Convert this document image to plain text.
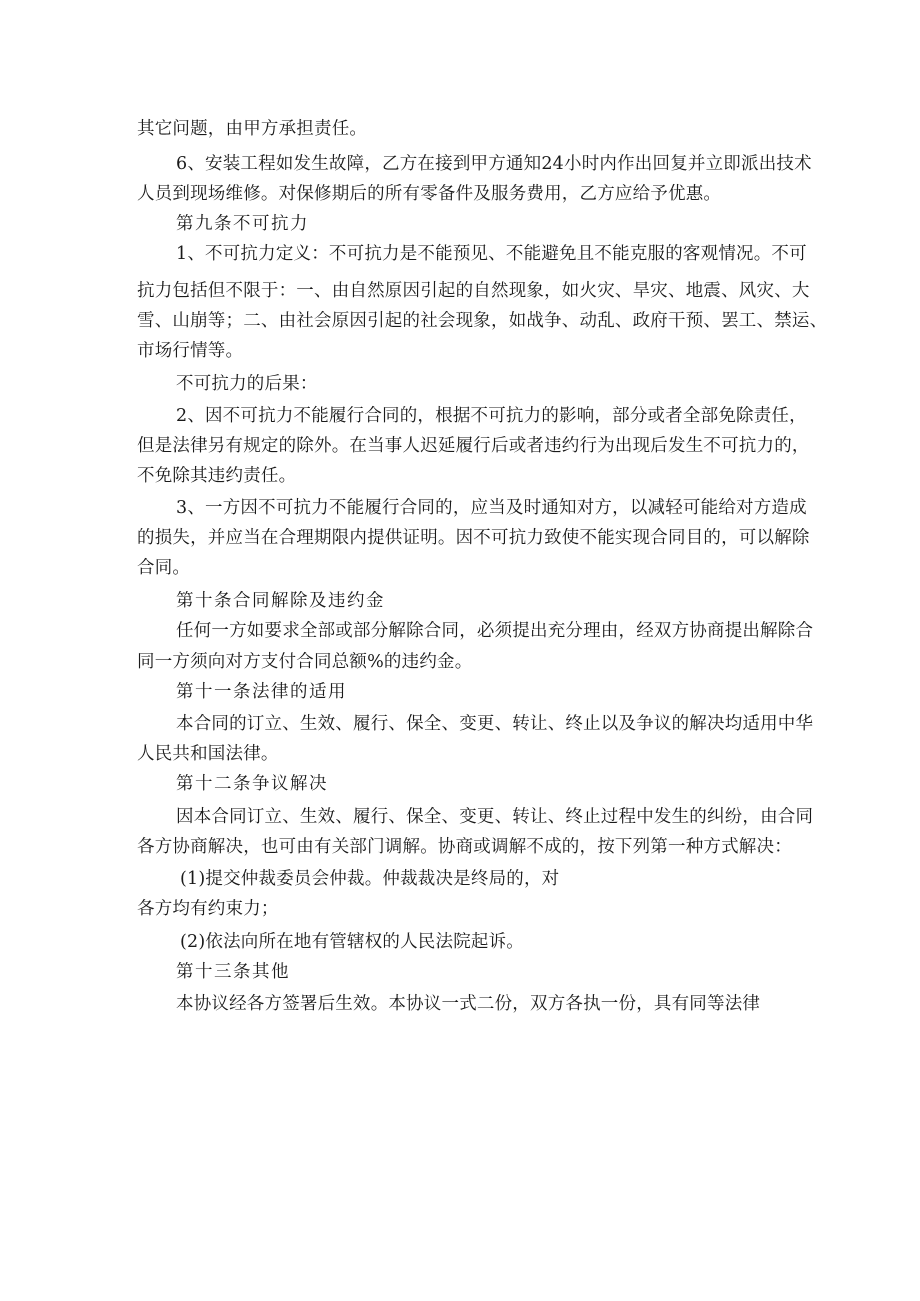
其它问题，由甲方承担责任。
6、安装工程如发生故障，乙方在接到甲方通知24小时内作出回复并立即派出技术
人员到现场维修。对保修期后的所有零备件及服务费用，乙方应给予优惠。
第九条不可抗力
1、不可抗力定义：不可抗力是不能预见、不能避免且不能克服的客观情况。不可
抗力包括但不限于：一、由自然原因引起的自然现象，如火灾、旱灾、地震、风灾、大
雪、山崩等；二、由社会原因引起的社会现象，如战争、动乱、政府干预、罢工、禁运、
市场行情等。
不可抗力的后果：
2、因不可抗力不能履行合同的，根据不可抗力的影响，部分或者全部免除责任，
但是法律另有规定的除外。在当事人迟延履行后或者违约行为出现后发生不可抗力的，
不免除其违约责任。
3、一方因不可抗力不能履行合同的，应当及时通知对方，以减轻可能给对方造成
的损失，并应当在合理期限内提供证明。因不可抗力致使不能实现合同目的，可以解除
合同。
第十条合同解除及违约金
任何一方如要求全部或部分解除合同，必须提出充分理由，经双方协商提出解除合
同一方须向对方支付合同总额%的违约金。
第十一条法律的适用
本合同的订立、生效、履行、保全、变更、转让、终止以及争议的解决均适用中华
人民共和国法律。
第十二条争议解决
因本合同订立、生效、履行、保全、变更、转让、终止过程中发生的纠纷，由合同
各方协商解决，也可由有关部门调解。协商或调解不成的，按下列第一种方式解决：
(1)提交仲裁委员会仲裁。仲裁裁决是终局的，对
各方均有约束力；
(2)依法向所在地有管辖权的人民法院起诉。
第十三条其他
本协议经各方签署后生效。本协议一式二份，双方各执一份，具有同等法律
